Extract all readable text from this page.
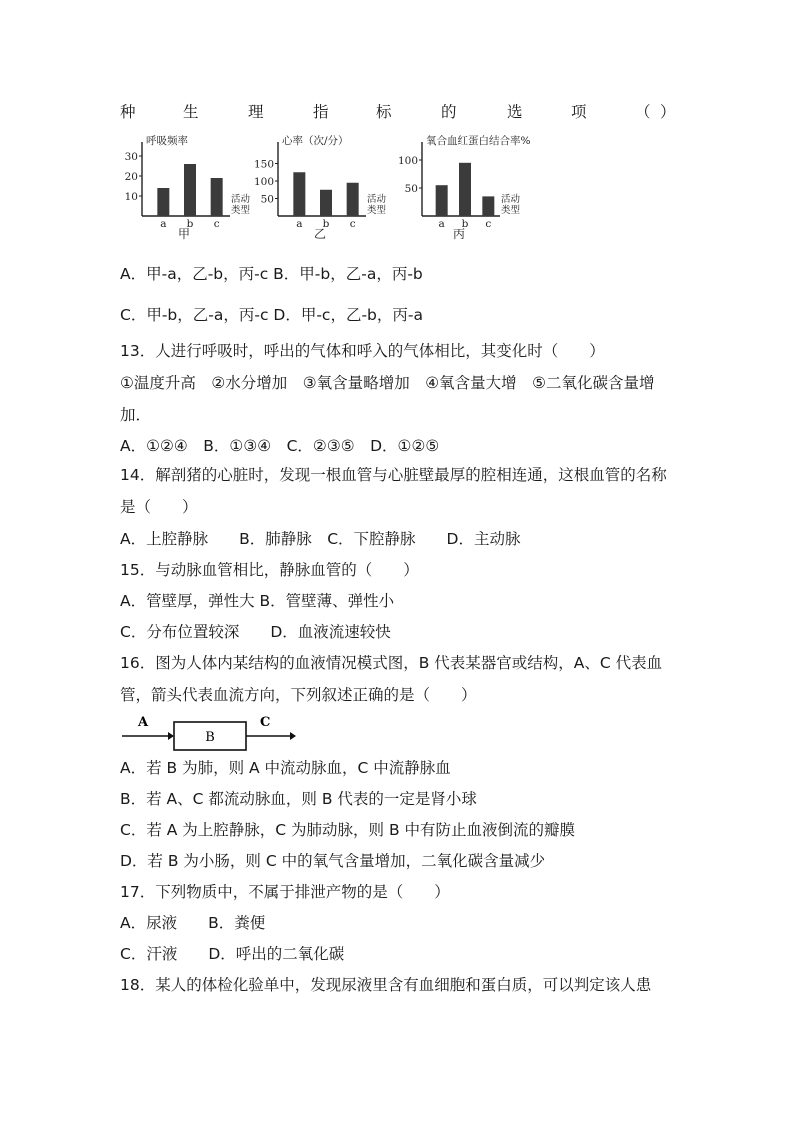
种	生	理	指	标	的	选	项	（ ）
呼吸频率
10
20
30
a b c
活动
类型
甲
心率（次/分）
150
100
50
a b c
活动
类型
乙
氧合血红蛋白结合率%
100
50
a b c
活动
类型
丙
A．甲-a，乙-b，丙-c B．甲-b，乙-a，丙-b
C．甲-b，乙-a，丙-c D．甲-c，乙-b，丙-a
13．人进行呼吸时，呼出的气体和呼入的气体相比，其变化时（　　）
①温度升高　②水分增加　③氧含量略增加　④氧含量大增　⑤二氧化碳含量增
加．
A．①②④　B．①③④　C．②③⑤　D．①②⑤
14．解剖猪的心脏时，发现一根血管与心脏壁最厚的腔相连通，这根血管的名称
是（　　）
A．上腔静脉　　B．肺静脉　C．下腔静脉　　D．主动脉
15．与动脉血管相比，静脉血管的（　　）
A．管壁厚，弹性大 B．管壁薄、弹性小
C．分布位置较深　　D．血液流速较快
16．图为人体内某结构的血液情况模式图，B 代表某器官或结构，A、C 代表血
管，箭头代表血流方向，下列叙述正确的是（　　）
A
B
C
A．若 B 为肺，则 A 中流动脉血，C 中流静脉血
B．若 A、C 都流动脉血，则 B 代表的一定是肾小球
C．若 A 为上腔静脉，C 为肺动脉，则 B 中有防止血液倒流的瓣膜
D．若 B 为小肠，则 C 中的氧气含量增加，二氧化碳含量减少
17．下列物质中，不属于排泄产物的是（　　）
A．尿液　　B．粪便
C．汗液　　D．呼出的二氧化碳
18．某人的体检化验单中，发现尿液里含有血细胞和蛋白质，可以判定该人患
